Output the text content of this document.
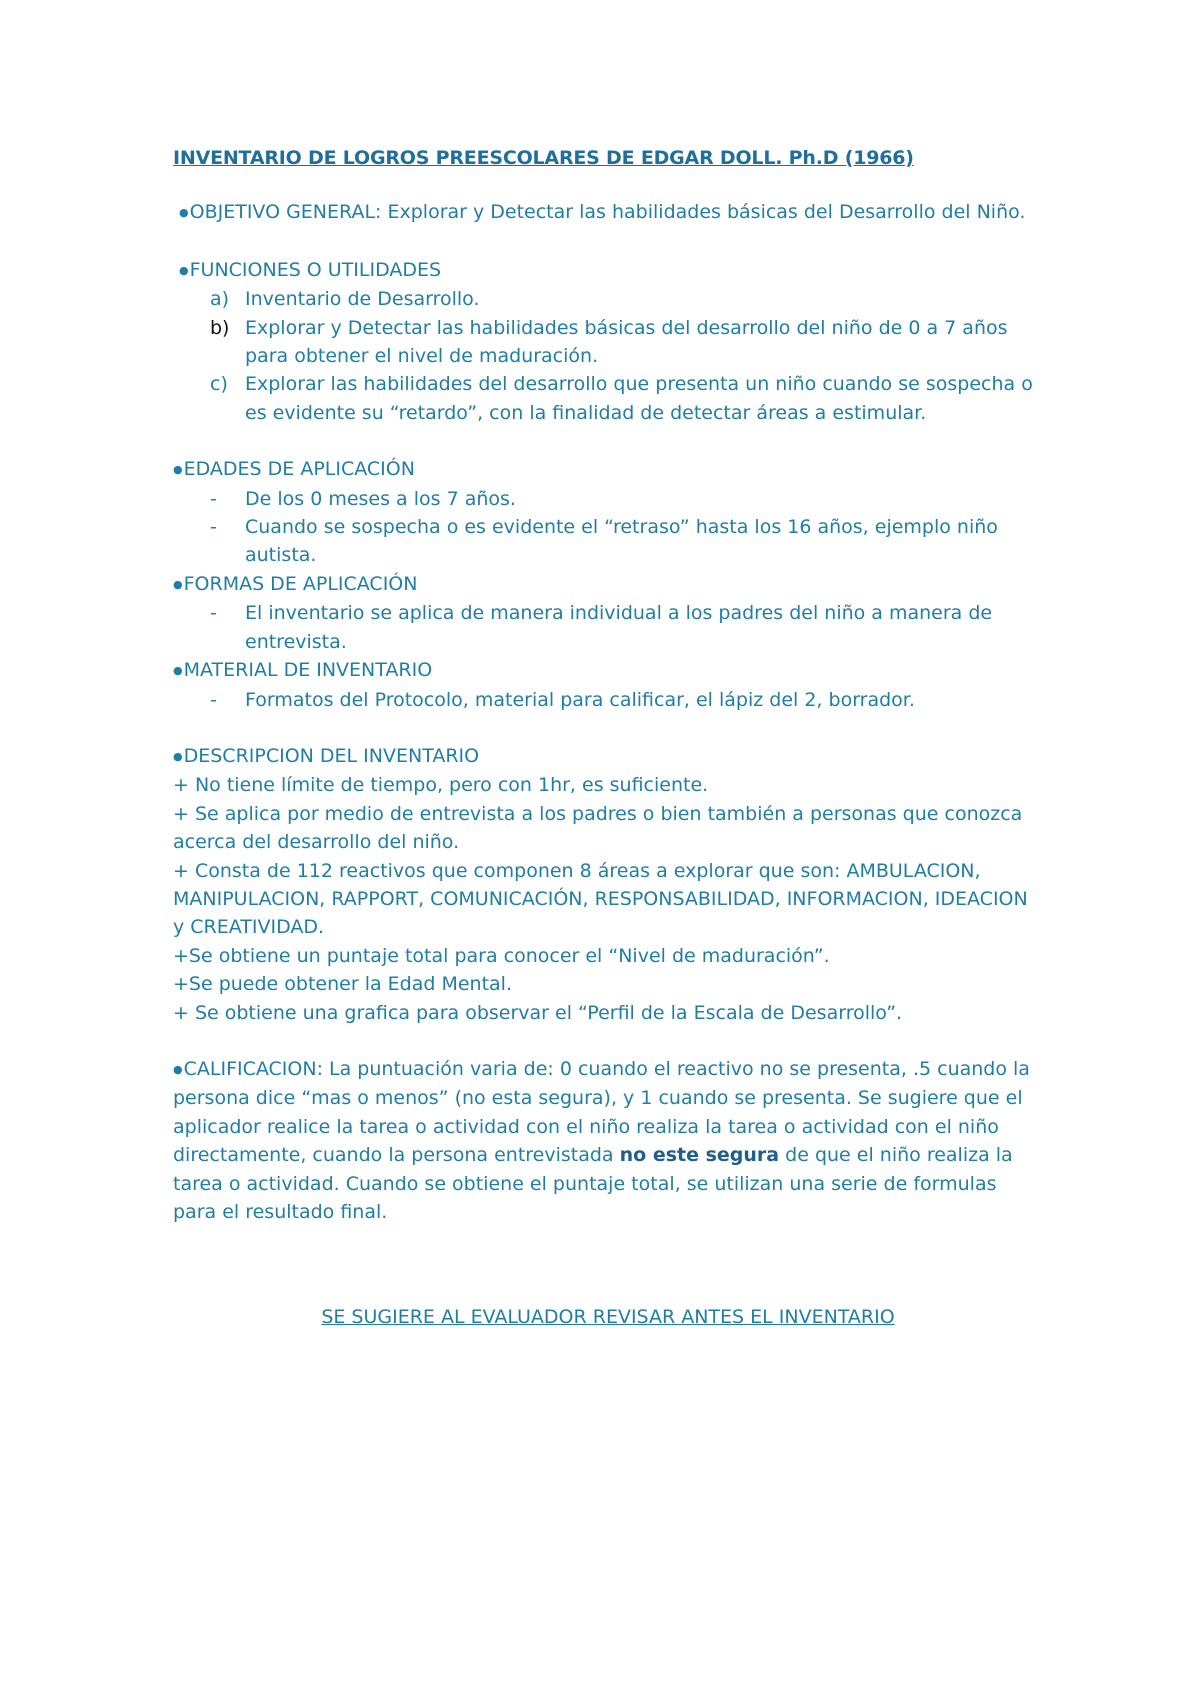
INVENTARIO DE LOGROS PREESCOLARES DE EDGAR DOLL. Ph.D (1966)

●OBJETIVO GENERAL: Explorar y Detectar las habilidades básicas del Desarrollo del Niño.

●FUNCIONES O UTILIDADES

a) Inventario de Desarrollo.

b) Explorar y Detectar las habilidades básicas del desarrollo del niño de 0 a 7 años para obtener el nivel de maduración.

c) Explorar las habilidades del desarrollo que presenta un niño cuando se sospecha o es evidente su “retardo”, con la finalidad de detectar áreas a estimular.

●EDADES DE APLICACIÓN

- De los 0 meses a los 7 años.

- Cuando se sospecha o es evidente el “retraso” hasta los 16 años, ejemplo niño autista.

●FORMAS DE APLICACIÓN

- El inventario se aplica de manera individual a los padres del niño a manera de entrevista.

●MATERIAL DE INVENTARIO

- Formatos del Protocolo, material para calificar, el lápiz del 2, borrador.

●DESCRIPCION DEL INVENTARIO

+ No tiene límite de tiempo, pero con 1hr, es suficiente.

+ Se aplica por medio de entrevista a los padres o bien también a personas que conozca acerca del desarrollo del niño.

+ Consta de 112 reactivos que componen 8 áreas a explorar que son: AMBULACION, MANIPULACION, RAPPORT, COMUNICACIÓN, RESPONSABILIDAD, INFORMACION, IDEACION y CREATIVIDAD.

+Se obtiene un puntaje total para conocer el “Nivel de maduración”.

+Se puede obtener la Edad Mental.

+ Se obtiene una grafica para observar el “Perfil de la Escala de Desarrollo”.

●CALIFICACION: La puntuación varia de: 0 cuando el reactivo no se presenta, .5 cuando la persona dice “mas o menos” (no esta segura), y 1 cuando se presenta. Se sugiere que el aplicador realice la tarea o actividad con el niño realiza la tarea o actividad con el niño directamente, cuando la persona entrevistada no este segura de que el niño realiza la tarea o actividad. Cuando se obtiene el puntaje total, se utilizan una serie de formulas para el resultado final.

SE SUGIERE AL EVALUADOR REVISAR ANTES EL INVENTARIO
